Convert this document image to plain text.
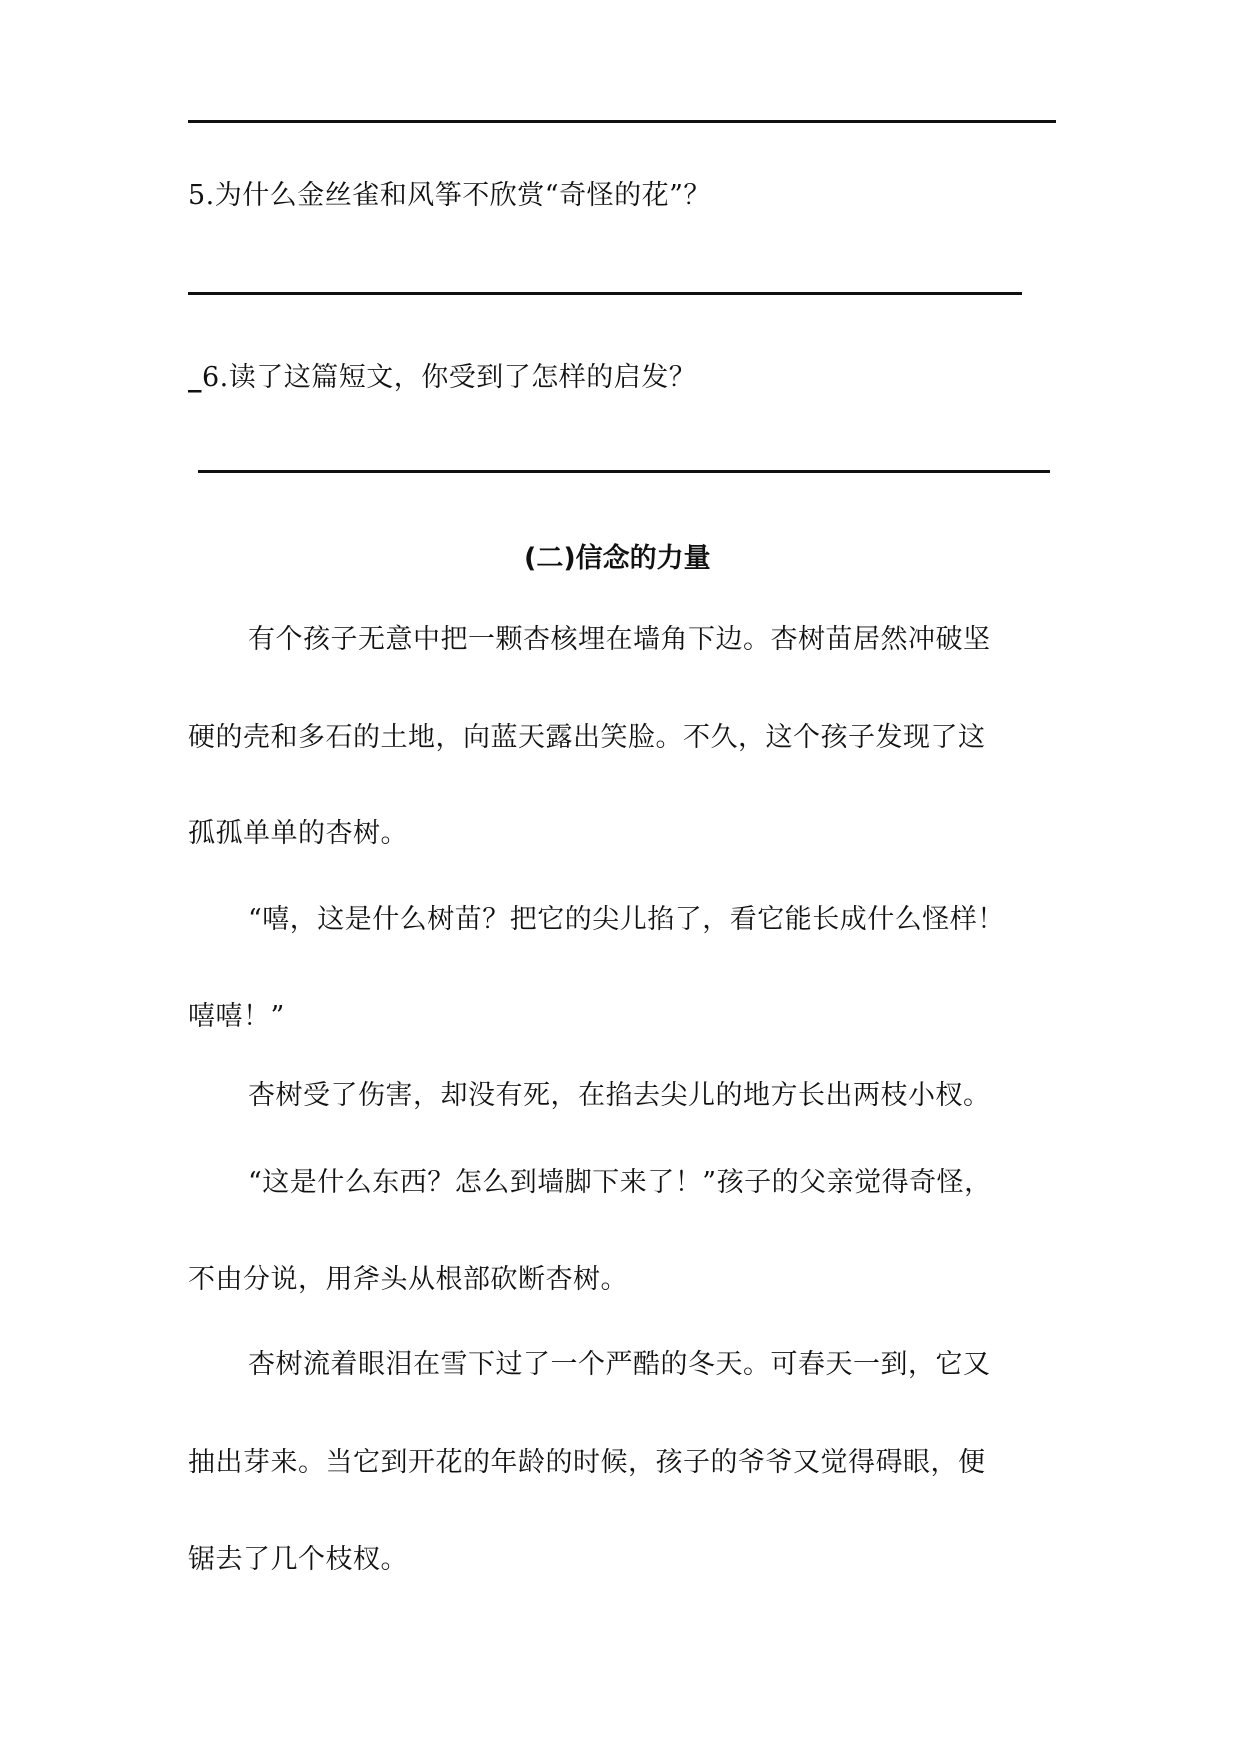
5.为什么金丝雀和风筝不欣赏“奇怪的花”？
_6.读了这篇短文，你受到了怎样的启发？
(二)信念的力量
有个孩子无意中把一颗杏核埋在墙角下边。杏树苗居然冲破坚
硬的壳和多石的土地，向蓝天露出笑脸。不久，这个孩子发现了这
孤孤单单的杏树。
“嘻，这是什么树苗？把它的尖儿掐了，看它能长成什么怪样！
嘻嘻！”
杏树受了伤害，却没有死，在掐去尖儿的地方长出两枝小杈。
“这是什么东西？怎么到墙脚下来了！”孩子的父亲觉得奇怪，
不由分说，用斧头从根部砍断杏树。
杏树流着眼泪在雪下过了一个严酷的冬天。可春天一到，它又
抽出芽来。当它到开花的年龄的时候，孩子的爷爷又觉得碍眼，便
锯去了几个枝杈。
